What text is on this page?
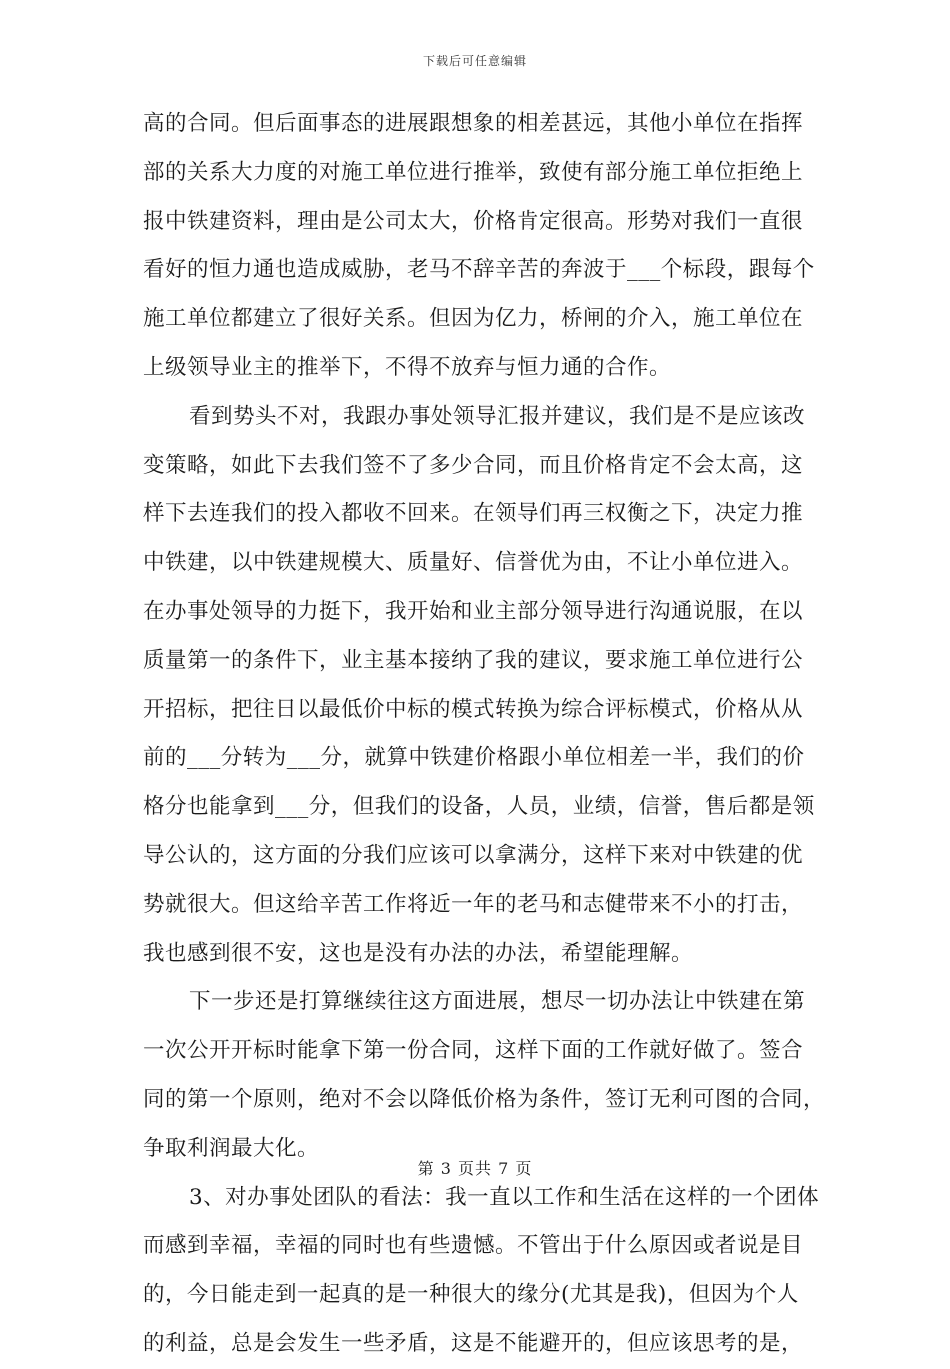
下载后可任意编辑
高的合同。但后面事态的进展跟想象的相差甚远，其他小单位在指挥
部的关系大力度的对施工单位进行推举，致使有部分施工单位拒绝上
报中铁建资料，理由是公司太大，价格肯定很高。形势对我们一直很
看好的恒力通也造成威胁，老马不辞辛苦的奔波于___个标段，跟每个
施工单位都建立了很好关系。但因为亿力，桥闸的介入，施工单位在
上级领导业主的推举下，不得不放弃与恒力通的合作。
看到势头不对，我跟办事处领导汇报并建议，我们是不是应该改
变策略，如此下去我们签不了多少合同，而且价格肯定不会太高，这
样下去连我们的投入都收不回来。在领导们再三权衡之下，决定力推
中铁建，以中铁建规模大、质量好、信誉优为由，不让小单位进入。
在办事处领导的力挺下，我开始和业主部分领导进行沟通说服，在以
质量第一的条件下，业主基本接纳了我的建议，要求施工单位进行公
开招标，把往日以最低价中标的模式转换为综合评标模式，价格从从
前的___分转为___分，就算中铁建价格跟小单位相差一半，我们的价
格分也能拿到___分，但我们的设备，人员，业绩，信誉，售后都是领
导公认的，这方面的分我们应该可以拿满分，这样下来对中铁建的优
势就很大。但这给辛苦工作将近一年的老马和志健带来不小的打击，
我也感到很不安，这也是没有办法的办法，希望能理解。
下一步还是打算继续往这方面进展，想尽一切办法让中铁建在第
一次公开开标时能拿下第一份合同，这样下面的工作就好做了。签合
同的第一个原则，绝对不会以降低价格为条件，签订无利可图的合同，
争取利润最大化。
3、对办事处团队的看法：我一直以工作和生活在这样的一个团体
而感到幸福，幸福的同时也有些遗憾。不管出于什么原因或者说是目
的，今日能走到一起真的是一种很大的缘分(尤其是我)，但因为个人
的利益，总是会发生一些矛盾，这是不能避开的，但应该思考的是，
第 3 页共 7 页
